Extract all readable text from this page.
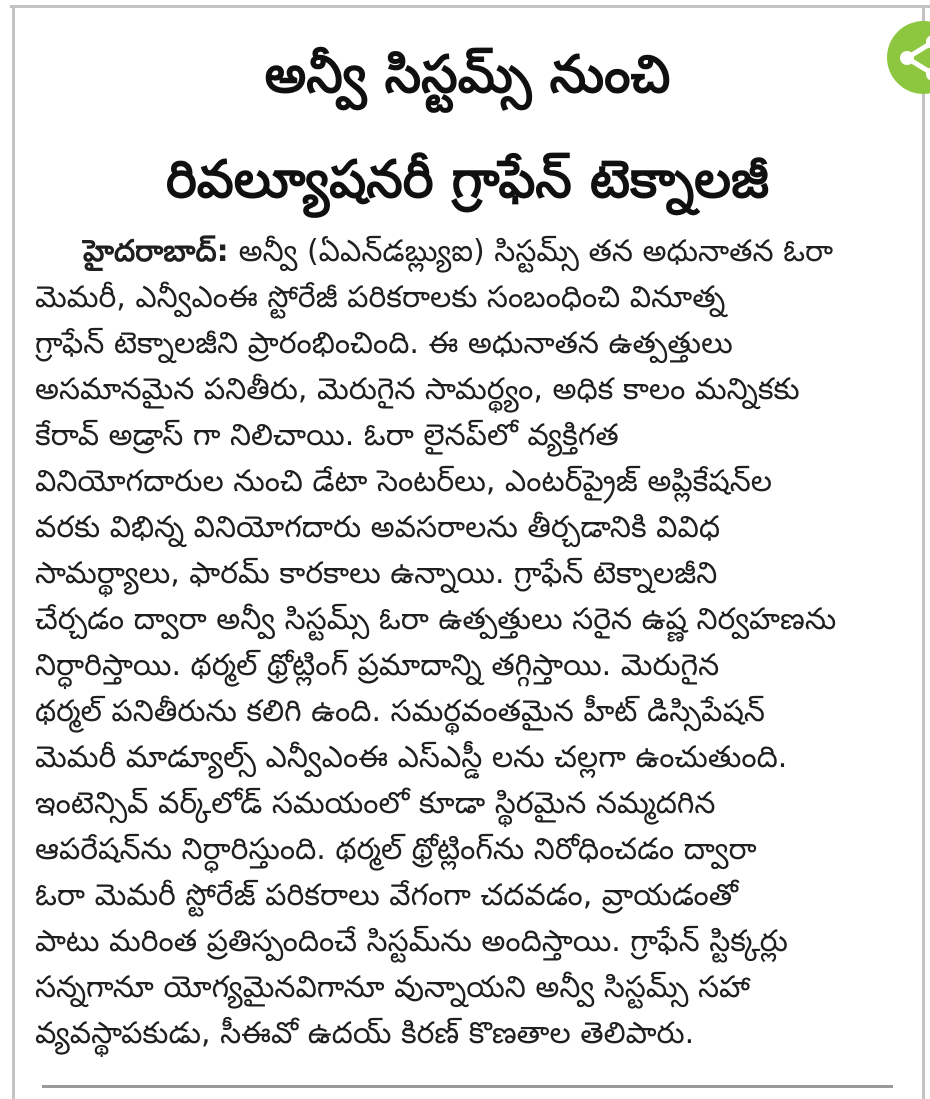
అన్వీ సిస్టమ్స్ నుంచి
రివల్యూషనరీ గ్రాఫేన్ టెక్నాలజీ
హైదరాబాద్: అన్వీ (ఏఎన్‌డబ్ల్యుఐ) సిస్టమ్స్ తన అధునాతన ఓరా
మెమరీ, ఎన్వీఎంఈ స్టోరేజీ పరికరాలకు సంబంధించి వినూత్న
గ్రాఫేన్ టెక్నాలజీని ప్రారంభించింది. ఈ అధునాతన ఉత్పత్తులు
అసమానమైన పనితీరు, మెరుగైన సామర్థ్యం, అధిక కాలం మన్నికకు
కేరావ్ అడ్రాస్ గా నిలిచాయి. ఓరా లైనప్‌లో వ్యక్తిగత
వినియోగదారుల నుంచి డేటా సెంటర్‌లు, ఎంటర్‌ప్రైజ్ అప్లికేషన్‌ల
వరకు విభిన్న వినియోగదారు అవసరాలను తీర్చడానికి వివిధ
సామర్థ్యాలు, ఫారమ్ కారకాలు ఉన్నాయి. గ్రాఫేన్ టెక్నాలజీని
చేర్చడం ద్వారా అన్వీ సిస్టమ్స్ ఓరా ఉత్పత్తులు సరైన ఉష్ణ నిర్వహణను
నిర్ధారిస్తాయి. థర్మల్ థ్రోట్లింగ్ ప్రమాదాన్ని తగ్గిస్తాయి. మెరుగైన
థర్మల్ పనితీరును కలిగి ఉంది. సమర్థవంతమైన హీట్ డిస్సిపేషన్
మెమరీ మాడ్యూల్స్ ఎన్వీఎంఈ ఎస్ఎస్డీ లను చల్లగా ఉంచుతుంది.
ఇంటెన్సివ్ వర్క్‌లోడ్ సమయంలో కూడా స్థిరమైన నమ్మదగిన
ఆపరేషన్‌ను నిర్ధారిస్తుంది. థర్మల్ థ్రోట్లింగ్‌ను నిరోధించడం ద్వారా
ఓరా మెమరీ స్టోరేజ్ పరికరాలు వేగంగా చదవడం, వ్రాయడంతో
పాటు మరింత ప్రతిస్పందించే సిస్టమ్‌ను అందిస్తాయి. గ్రాఫేన్ స్టిక్కర్లు
సన్నగానూ యోగ్యమైనవిగానూ వున్నాయని అన్వీ సిస్టమ్స్ సహా
వ్యవస్థాపకుడు, సీఈవో ఉదయ్ కిరణ్ కొణతాల తెలిపారు.
